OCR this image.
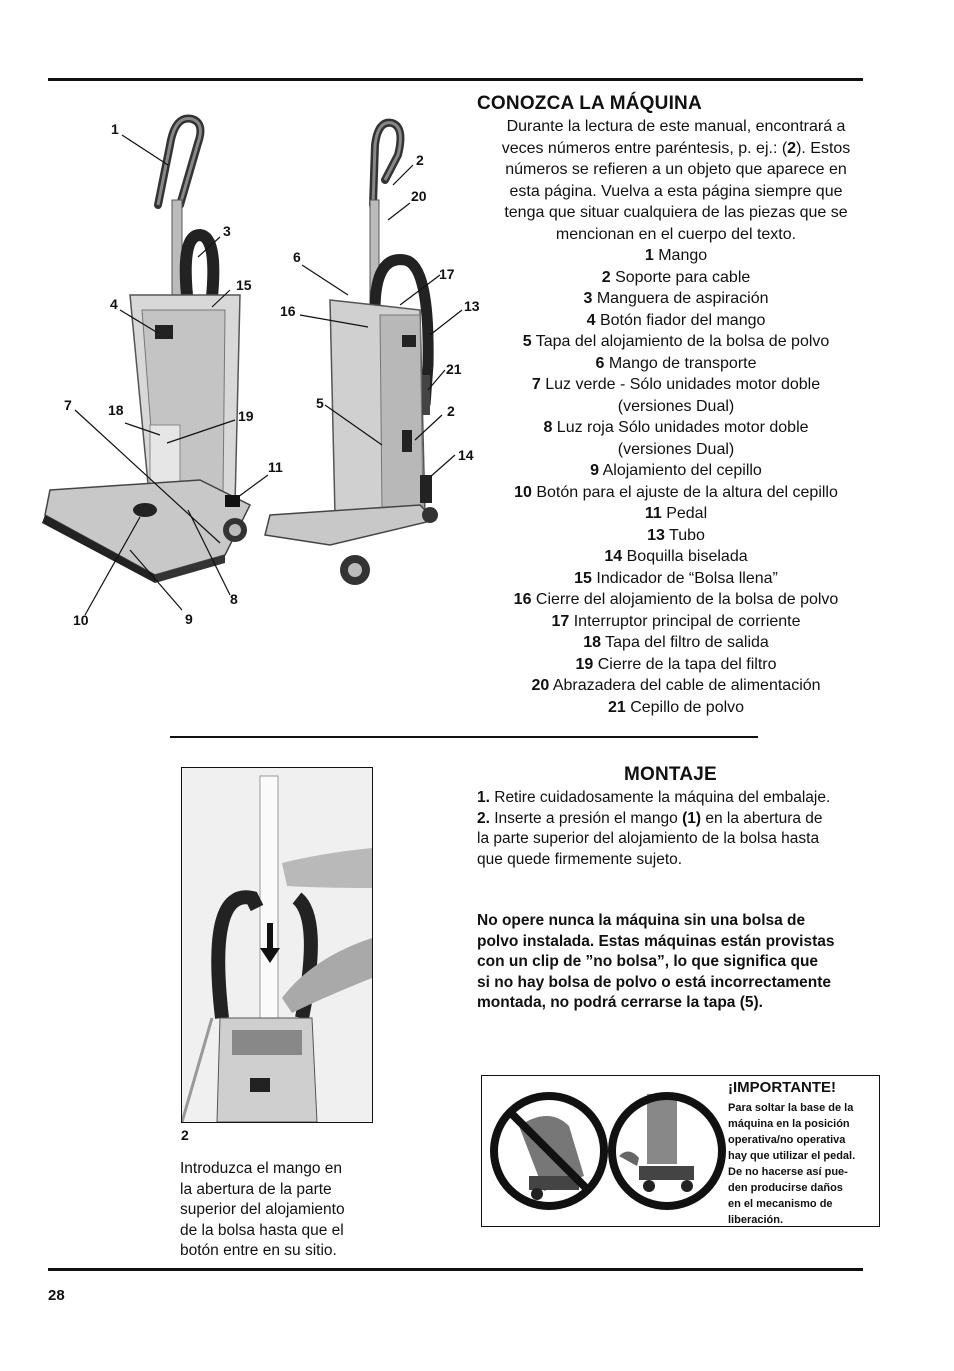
1
3
4
15
7	18	19
11
8
10	9
2
20
6
17
16	13
21
5	2
14
CONOZCA LA MÁQUINA
Durante la lectura de este manual, encontrará a
veces números entre paréntesis, p. ej.: (2). Estos
números se refieren a un objeto que aparece en
esta página. Vuelva a esta página siempre que
tenga que situar cualquiera de las piezas que se
mencionan en el cuerpo del texto.
1 Mango
2 Soporte para cable
3 Manguera de aspiración
4 Botón fiador del mango
5 Tapa del alojamiento de la bolsa de polvo
6 Mango de transporte
7 Luz verde - Sólo unidades motor doble
(versiones Dual)
8 Luz roja Sólo unidades motor doble
(versiones Dual)
9 Alojamiento del cepillo
10 Botón para el ajuste de la altura del cepillo
11 Pedal
13 Tubo
14 Boquilla biselada
15 Indicador de “Bolsa llena”
16 Cierre del alojamiento de la bolsa de polvo
17 Interruptor principal de corriente
18 Tapa del filtro de salida
19 Cierre de la tapa del filtro
20 Abrazadera del cable de alimentación
21 Cepillo de polvo
2
Introduzca el mango en
la abertura de la parte
superior del alojamiento
de la bolsa hasta que el
botón entre en su sitio.
MONTAJE
1. Retire cuidadosamente la máquina del embalaje.
2. Inserte a presión el mango (1) en la abertura de
la parte superior del alojamiento de la bolsa hasta
que quede firmemente sujeto.
No opere nunca la máquina sin una bolsa de
polvo instalada. Estas máquinas están provistas
con un clip de ”no bolsa”, lo que significa que
si no hay bolsa de polvo o está incorrectamente
montada, no podrá cerrarse la tapa (5).
¡IMPORTANTE!
Para soltar la base de la
máquina en la posición
operativa/no operativa
hay que utilizar el pedal.
De no hacerse así pue-
den producirse daños
en el mecanismo de
liberación.
28
